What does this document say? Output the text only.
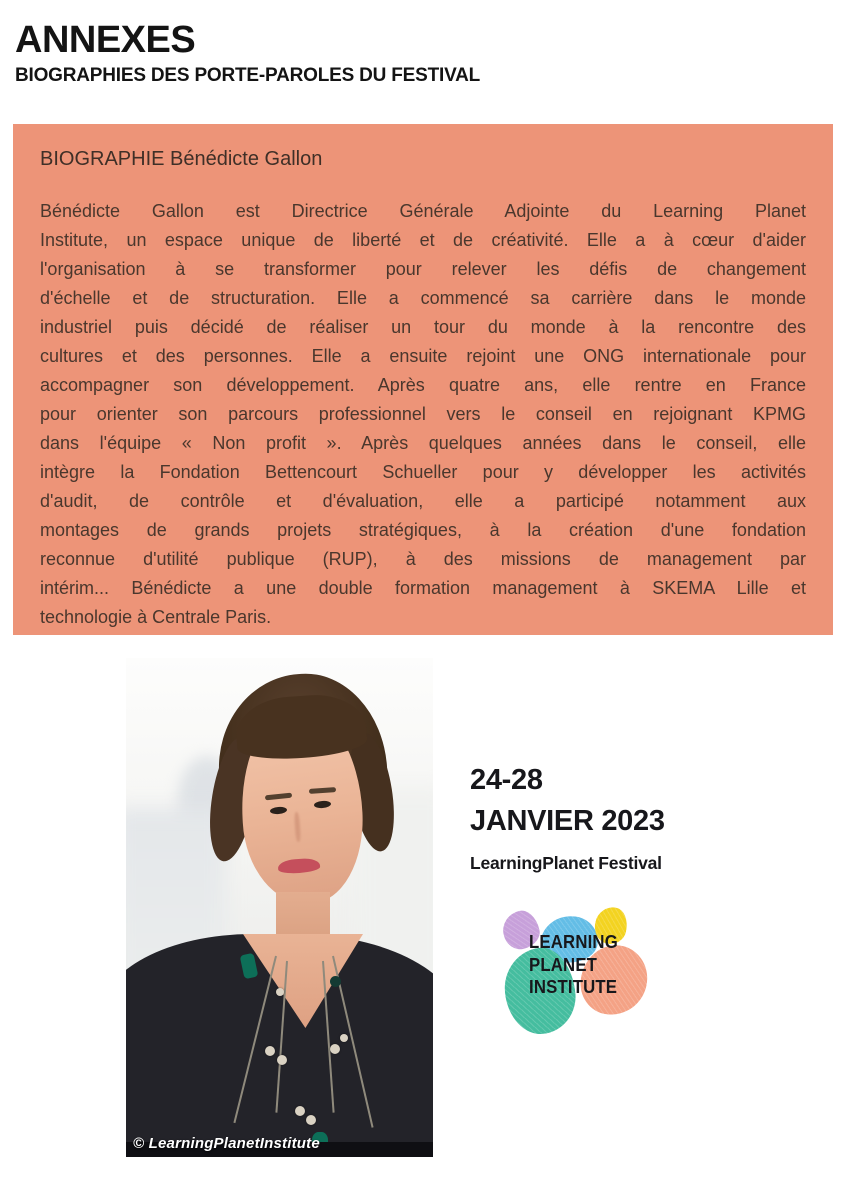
ANNEXES
BIOGRAPHIES DES PORTE-PAROLES DU FESTIVAL
BIOGRAPHIE Bénédicte Gallon
Bénédicte Gallon est Directrice Générale Adjointe du Learning Planet
Institute, un espace unique de liberté et de créativité. Elle a à cœur d'aider
l'organisation à se transformer pour relever les défis de changement
d'échelle et de structuration. Elle a commencé sa carrière dans le monde
industriel puis décidé de réaliser un tour du monde à la rencontre des
cultures et des personnes. Elle a ensuite rejoint une ONG internationale pour
accompagner son développement. Après quatre ans, elle rentre en France
pour orienter son parcours professionnel vers le conseil en rejoignant KPMG
dans l'équipe « Non profit ». Après quelques années dans le conseil, elle
intègre la Fondation Bettencourt Schueller pour y développer les activités
d'audit, de contrôle et d'évaluation, elle a participé notamment aux
montages de grands projets stratégiques, à la création d'une fondation
reconnue d'utilité publique (RUP), à des missions de management par
intérim... Bénédicte a une double formation management à SKEMA Lille et
technologie à Centrale Paris.
© LearningPlanetInstitute
24-28
JANVIER 2023
LearningPlanet Festival
LEARNING
PLANET
INSTITUTE
